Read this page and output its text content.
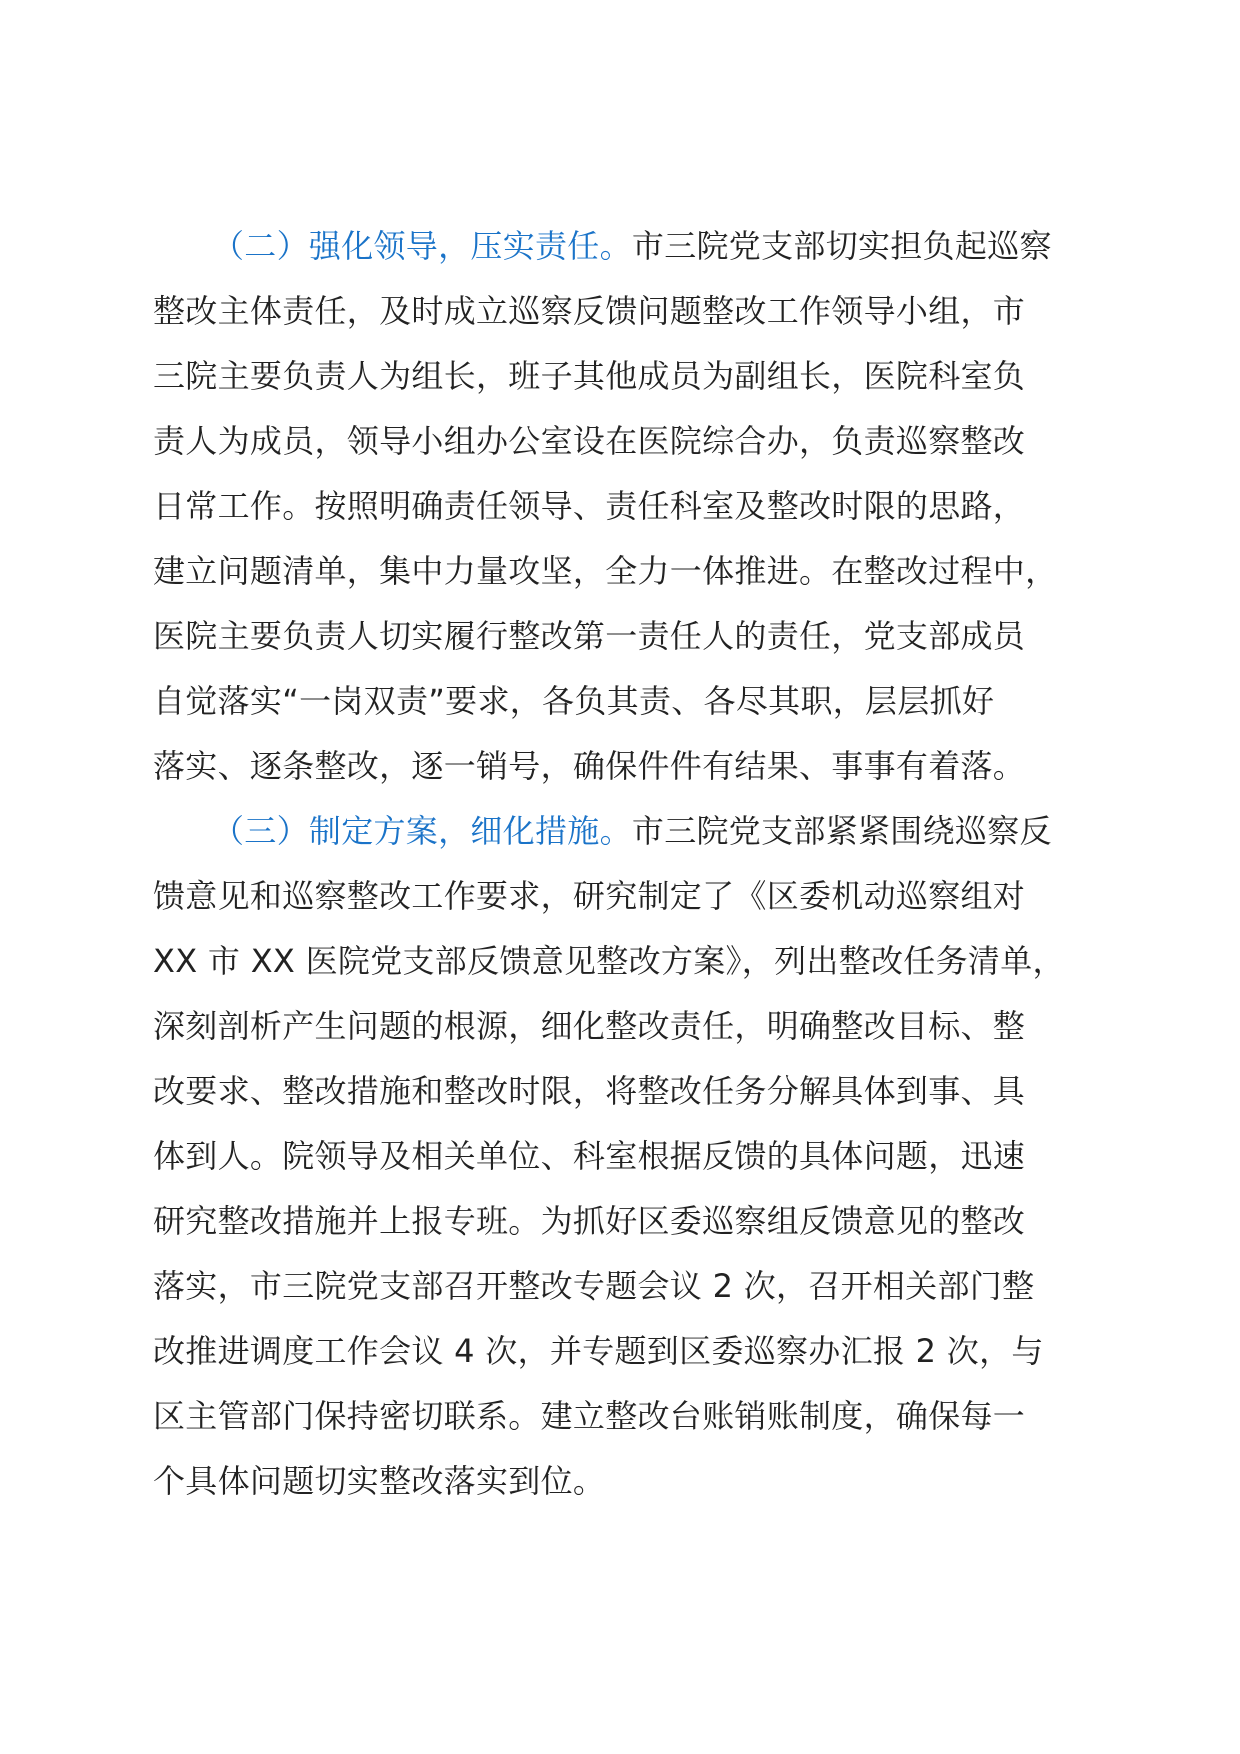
（二）强化领导，压实责任。市三院党支部切实担负起巡察

整改主体责任，及时成立巡察反馈问题整改工作领导小组，市

三院主要负责人为组长，班子其他成员为副组长，医院科室负

责人为成员，领导小组办公室设在医院综合办，负责巡察整改

日常工作。按照明确责任领导、责任科室及整改时限的思路，

建立问题清单，集中力量攻坚，全力一体推进。在整改过程中，

医院主要负责人切实履行整改第一责任人的责任，党支部成员

自觉落实“一岗双责”要求，各负其责、各尽其职，层层抓好

落实、逐条整改，逐一销号，确保件件有结果、事事有着落。

（三）制定方案，细化措施。市三院党支部紧紧围绕巡察反

馈意见和巡察整改工作要求，研究制定了《区委机动巡察组对

XX 市 XX 医院党支部反馈意见整改方案》，列出整改任务清单，

深刻剖析产生问题的根源，细化整改责任，明确整改目标、整

改要求、整改措施和整改时限，将整改任务分解具体到事、具

体到人。院领导及相关单位、科室根据反馈的具体问题，迅速

研究整改措施并上报专班。为抓好区委巡察组反馈意见的整改

落实，市三院党支部召开整改专题会议 2 次，召开相关部门整

改推进调度工作会议 4 次，并专题到区委巡察办汇报 2 次，与

区主管部门保持密切联系。建立整改台账销账制度，确保每一

个具体问题切实整改落实到位。
